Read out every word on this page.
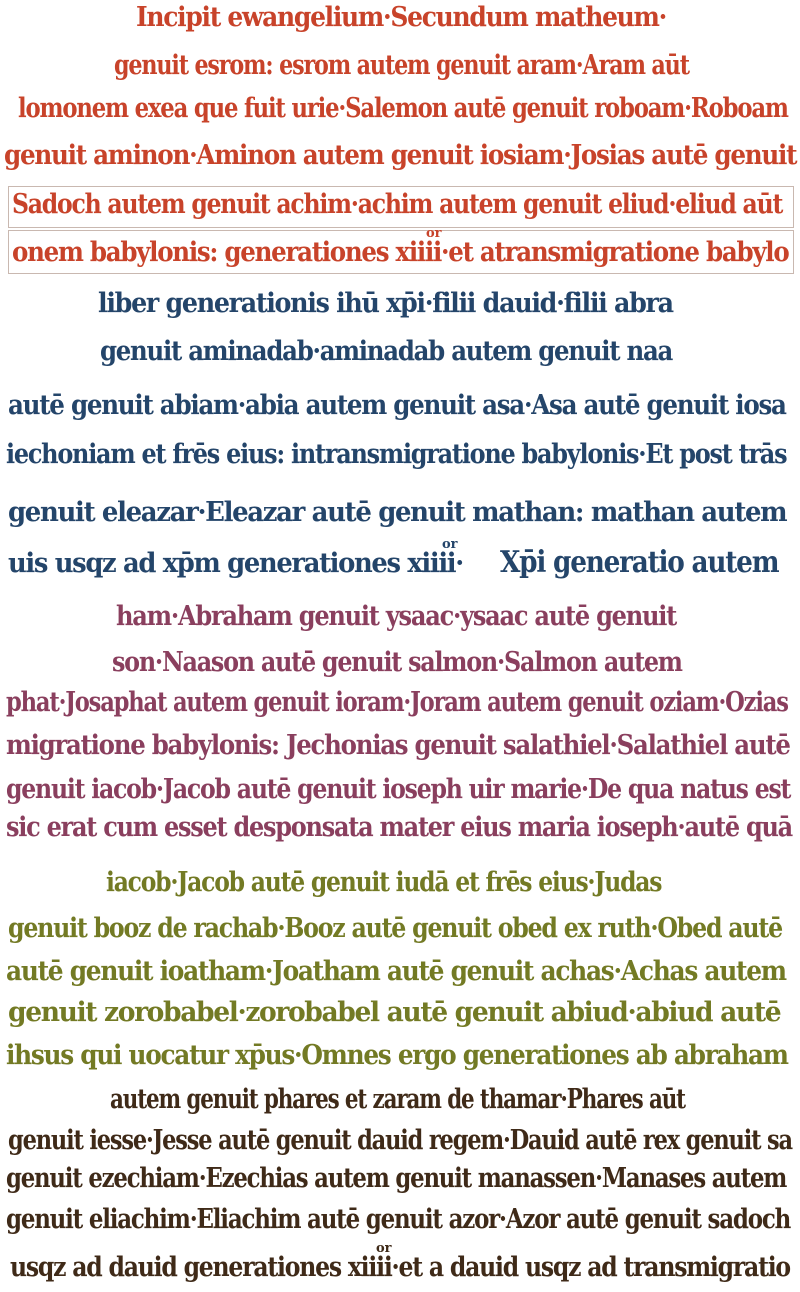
Incipit ewangelium·Secundum matheum·
genuit esrom: esrom autem genuit aram·Aram aūt
lomonem exea que fuit urie·Salemon autē genuit roboam·Roboam
genuit aminon·Aminon autem genuit iosiam·Josias autē genuit
Sadoch autem genuit achim·achim autem genuit eliud·eliud aūt
onem babylonis: generationes xiiii·et atransmigratione babylo
or
liber generationis ihū xp̄i·filii dauid·filii abra
genuit aminadab·aminadab autem genuit naa
autē genuit abiam·abia autem genuit asa·Asa autē genuit iosa
iechoniam et frēs eius: intransmigratione babylonis·Et post trās
genuit eleazar·Eleazar autē genuit mathan: mathan autem
uis usqz ad xp̄m generationes xiiii·
or
Xp̄i generatio autem
ham·Abraham genuit ysaac·ysaac autē genuit
son·Naason autē genuit salmon·Salmon autem
phat·Josaphat autem genuit ioram·Joram autem genuit oziam·Ozias
migratione babylonis: Jechonias genuit salathiel·Salathiel autē
genuit iacob·Jacob autē genuit ioseph uir marie·De qua natus est
sic erat cum esset desponsata mater eius maria ioseph·autē quā
iacob·Jacob autē genuit iudā et frēs eius·Judas
genuit booz de rachab·Booz autē genuit obed ex ruth·Obed autē
autē genuit ioatham·Joatham autē genuit achas·Achas autem
genuit zorobabel·zorobabel autē genuit abiud·abiud autē
ihsus qui uocatur xp̄us·Omnes ergo generationes ab abraham
autem genuit phares et zaram de thamar·Phares aūt
genuit iesse·Jesse autē genuit dauid regem·Dauid autē rex genuit sa
genuit ezechiam·Ezechias autem genuit manassen·Manases autem
genuit eliachim·Eliachim autē genuit azor·Azor autē genuit sadoch
usqz ad dauid generationes xiiii·et a dauid usqz ad transmigratio
or
